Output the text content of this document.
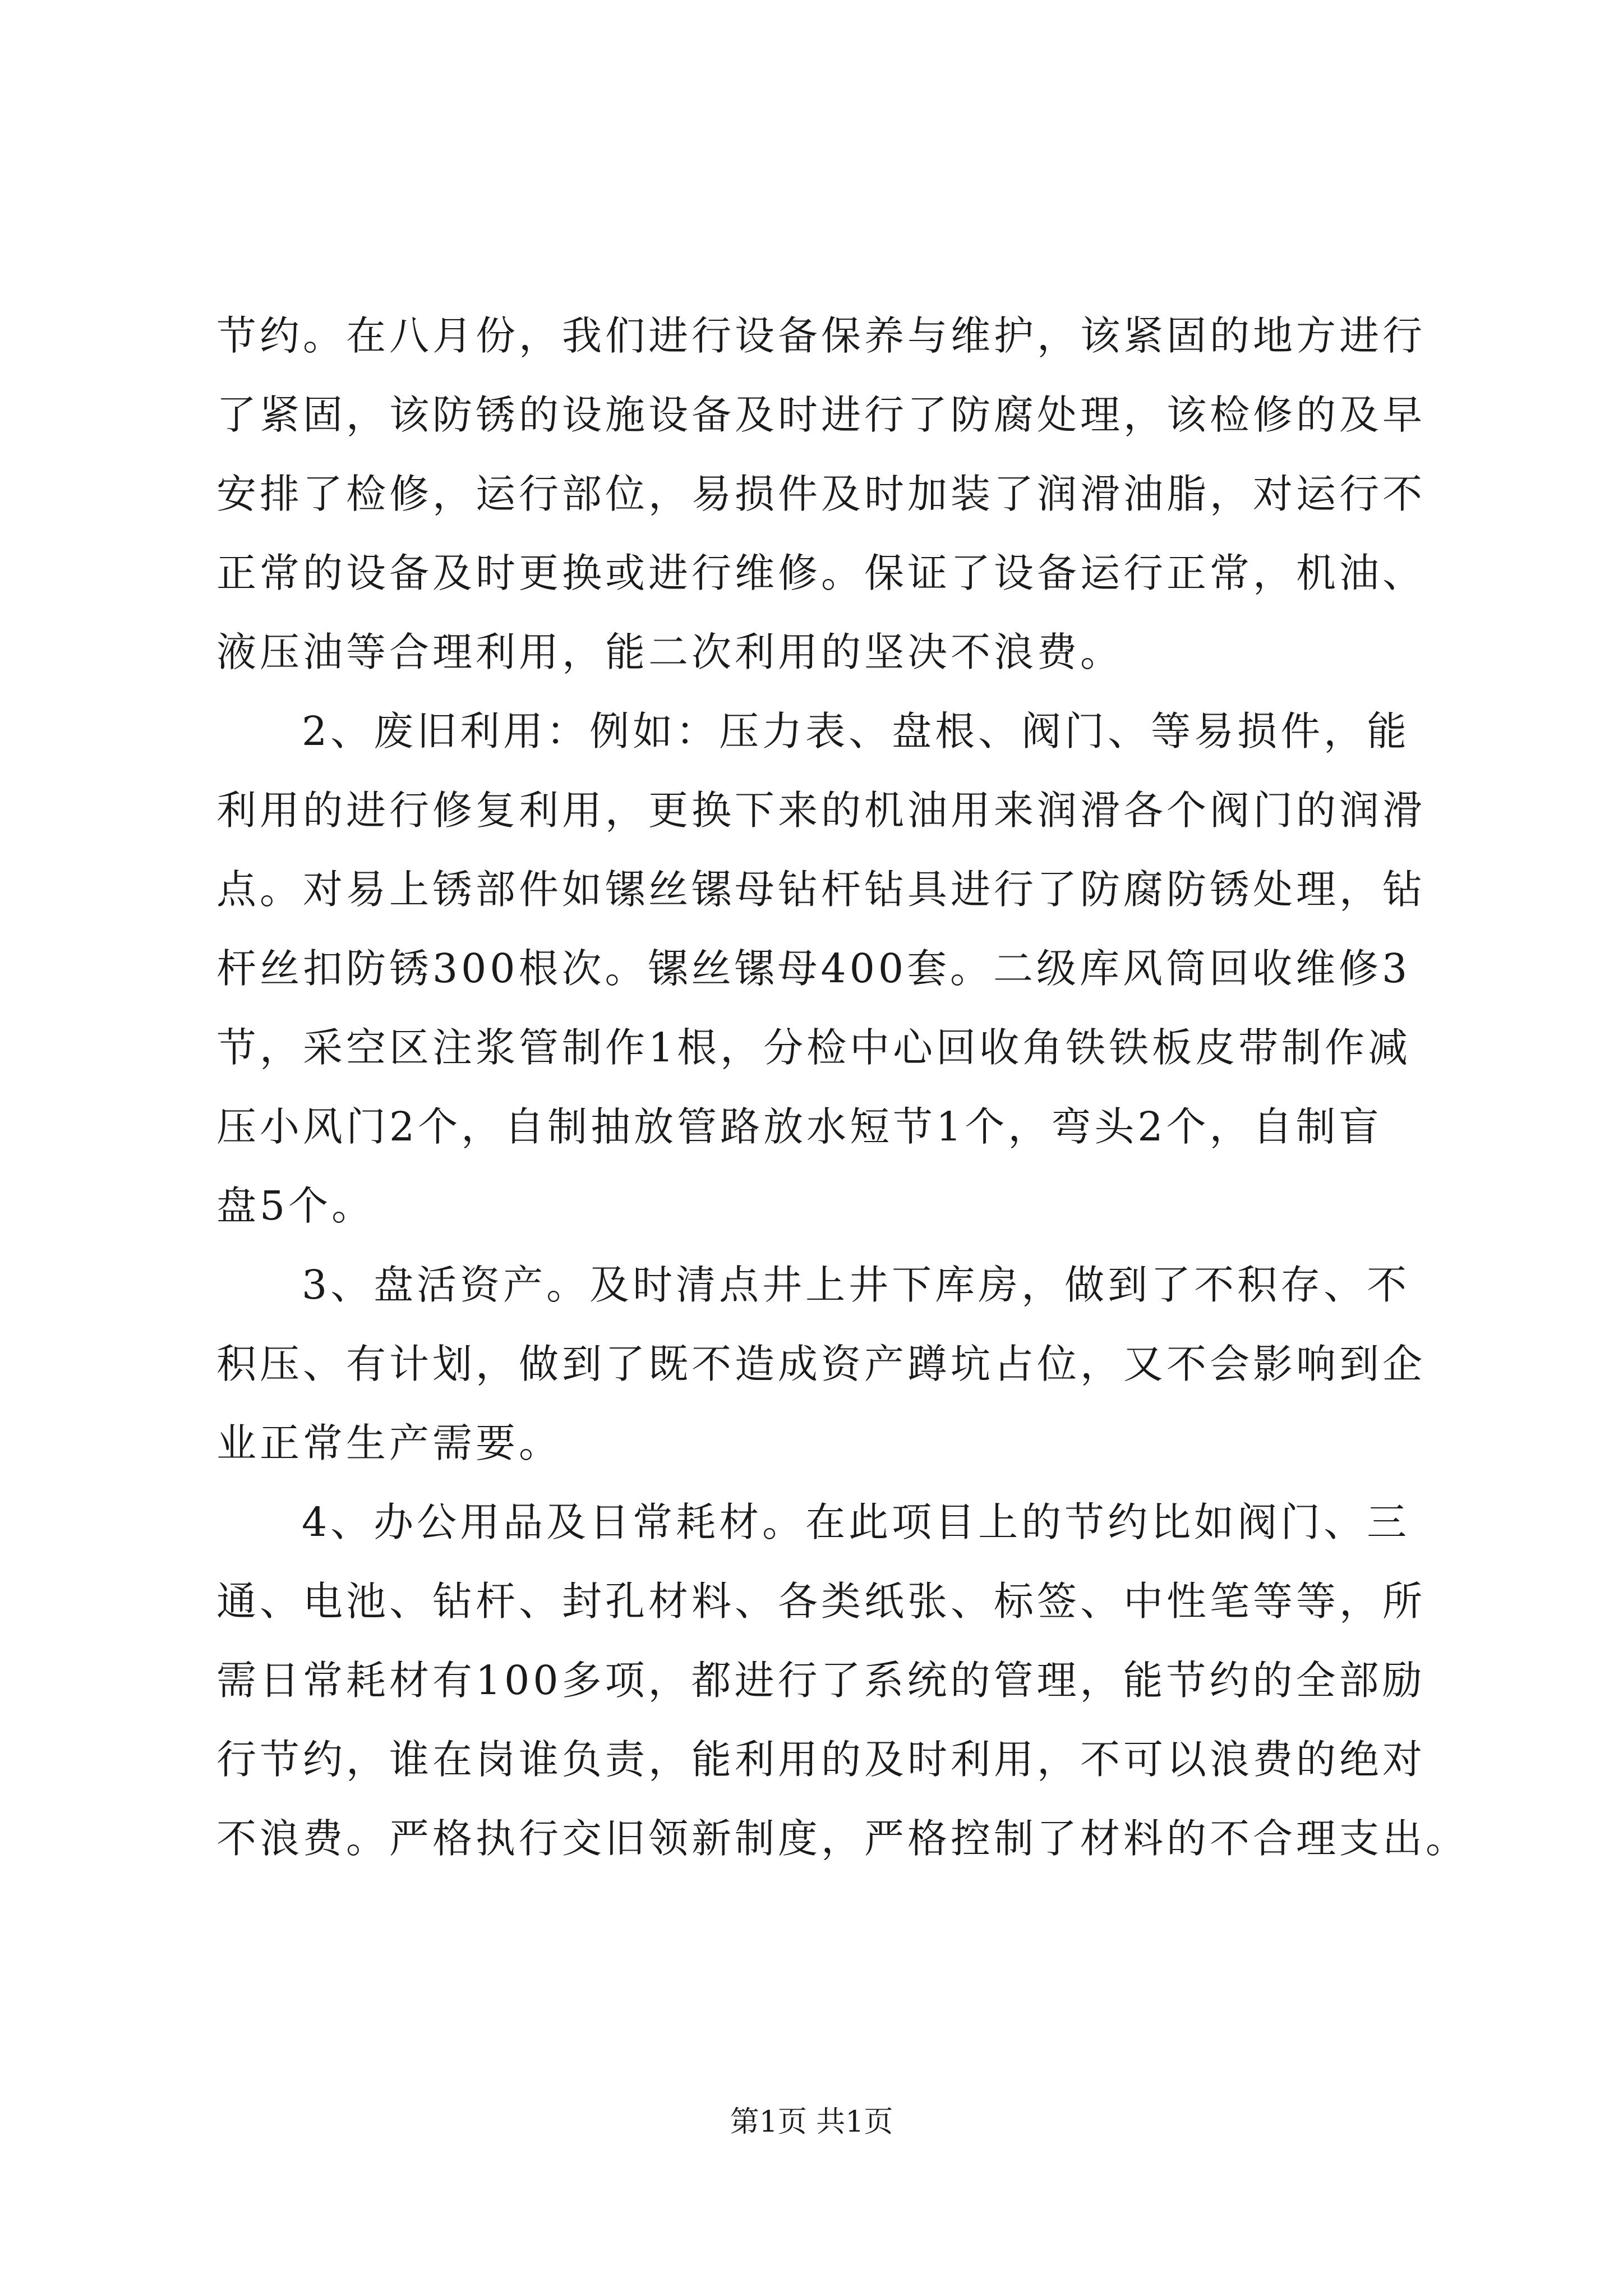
节约。在八月份，我们进行设备保养与维护，该紧固的地方进行
了紧固，该防锈的设施设备及时进行了防腐处理，该检修的及早
安排了检修，运行部位，易损件及时加装了润滑油脂，对运行不
正常的设备及时更换或进行维修。保证了设备运行正常，机油、
液压油等合理利用，能二次利用的坚决不浪费。
2、废旧利用：例如：压力表、盘根、阀门、等易损件，能
利用的进行修复利用，更换下来的机油用来润滑各个阀门的润滑
点。对易上锈部件如镙丝镙母钻杆钻具进行了防腐防锈处理，钻
杆丝扣防锈300根次。镙丝镙母400套。二级库风筒回收维修3
节，采空区注浆管制作1根，分检中心回收角铁铁板皮带制作减
压小风门2个，自制抽放管路放水短节1个，弯头2个，自制盲
盘5个。
3、盘活资产。及时清点井上井下库房，做到了不积存、不
积压、有计划，做到了既不造成资产蹲坑占位，又不会影响到企
业正常生产需要。
4、办公用品及日常耗材。在此项目上的节约比如阀门、三
通、电池、钻杆、封孔材料、各类纸张、标签、中性笔等等，所
需日常耗材有100多项，都进行了系统的管理，能节约的全部励
行节约，谁在岗谁负责，能利用的及时利用，不可以浪费的绝对
不浪费。严格执行交旧领新制度，严格控制了材料的不合理支出。
第1页 共1页
